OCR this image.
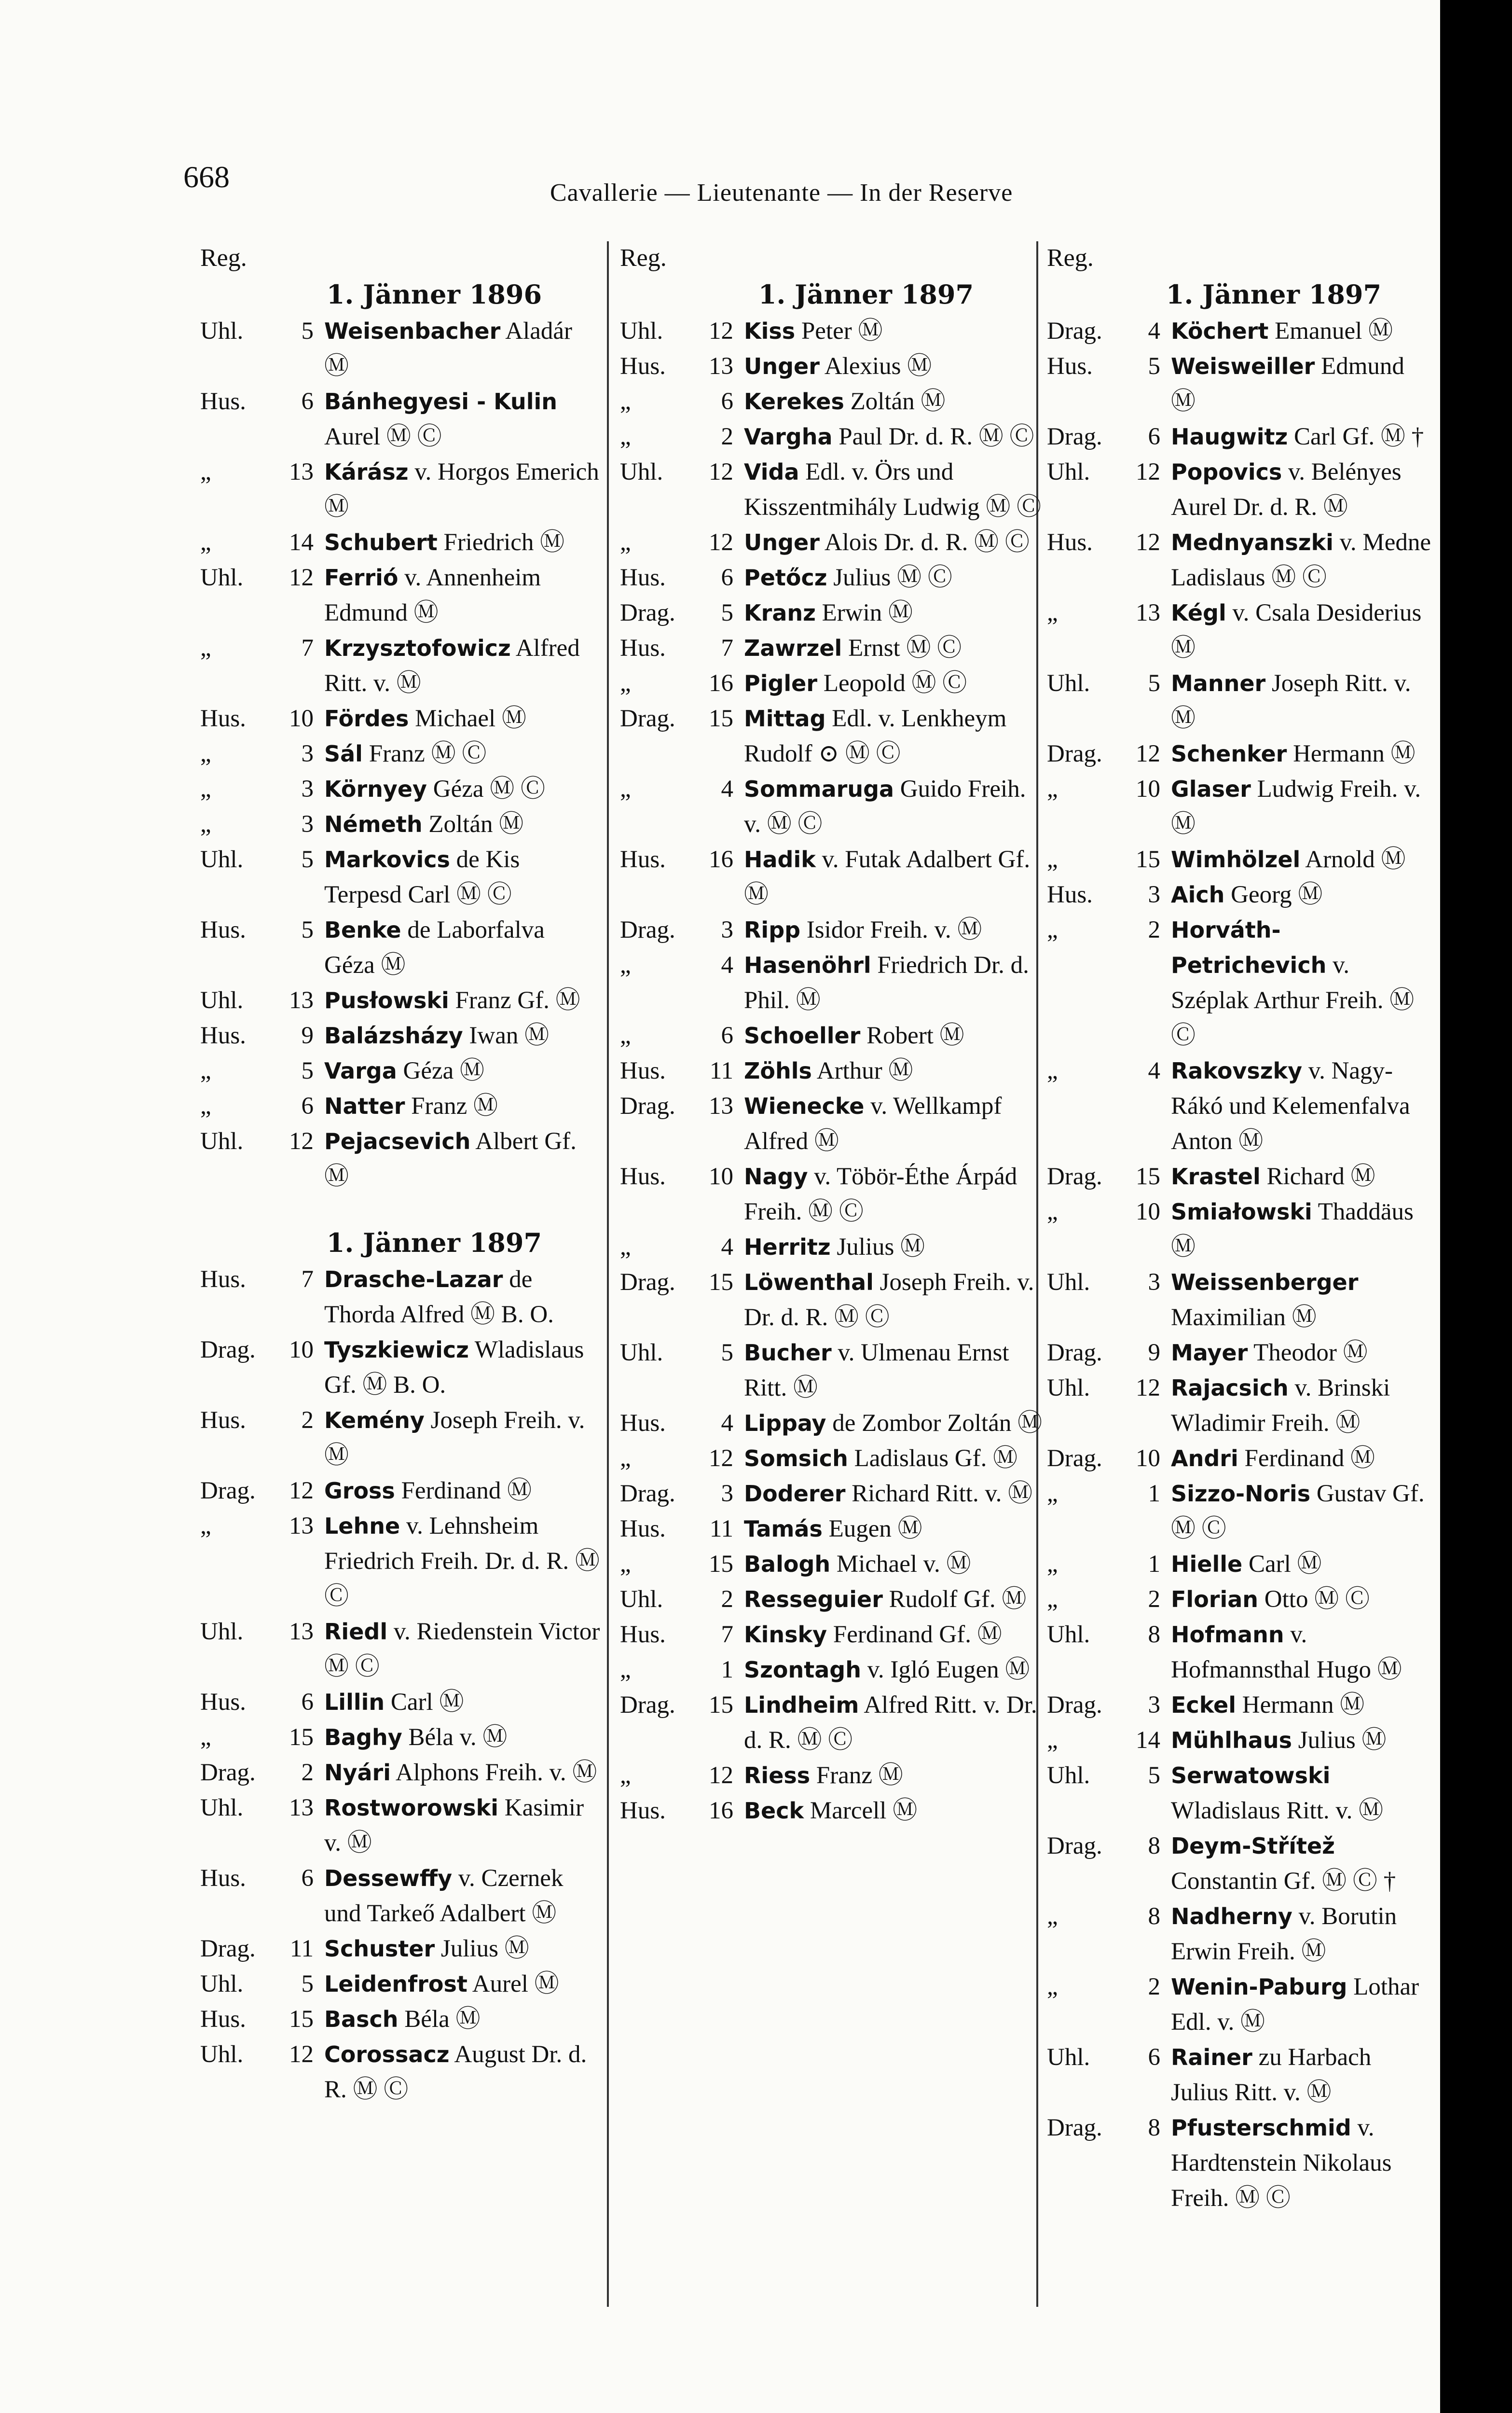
668	Cavallerie — Lieutenante — In der Reserve
Reg.
1. Jänner 1896
Uhl.	5 Weisenbacher Aladár Ⓜ
Hus.	6 Bánhegyesi - Kulin Aurel Ⓜ Ⓒ
„	13 Kárász v. Horgos Emerich Ⓜ
„	14 Schubert Friedrich Ⓜ
Uhl.	12 Ferrió v. Annenheim Edmund Ⓜ
„	7 Krzysztofowicz Alfred Ritt. v. Ⓜ
Hus.	10 Fördes Michael Ⓜ
„	3 Sál Franz Ⓜ Ⓒ
„	3 Környey Géza Ⓜ Ⓒ
„	3 Németh Zoltán Ⓜ
Uhl.	5 Markovics de Kis Terpesd Carl Ⓜ Ⓒ
Hus.	5 Benke de Laborfalva Géza Ⓜ
Uhl.	13 Pusłowski Franz Gf. Ⓜ
Hus.	9 Balázsházy Iwan Ⓜ
„	5 Varga Géza Ⓜ
„	6 Natter Franz Ⓜ
Uhl.	12 Pejacsevich Albert Gf. Ⓜ
1. Jänner 1897
Hus.	7 Drasche-Lazar de Thorda Alfred Ⓜ B. O.
Drag.	10 Tyszkiewicz Wladislaus Gf. Ⓜ B. O.
Hus.	2 Kemény Joseph Freih. v. Ⓜ
Drag.	12 Gross Ferdinand Ⓜ
„	13 Lehne v. Lehnsheim Friedrich Freih. Dr. d. R. Ⓜ Ⓒ
Uhl.	13 Riedl v. Riedenstein Victor Ⓜ Ⓒ
Hus.	6 Lillin Carl Ⓜ
„	15 Baghy Béla v. Ⓜ
Drag.	2 Nyári Alphons Freih. v. Ⓜ
Uhl.	13 Rostworowski Kasimir v. Ⓜ
Hus.	6 Dessewffy v. Czernek und Tarkeő Adalbert Ⓜ
Drag.	11 Schuster Julius Ⓜ
Uhl.	5 Leidenfrost Aurel Ⓜ
Hus.	15 Basch Béla Ⓜ
Uhl.	12 Corossacz August Dr. d. R. Ⓜ Ⓒ
Reg.
1. Jänner 1897
Uhl.	12 Kiss Peter Ⓜ
Hus.	13 Unger Alexius Ⓜ
„	6 Kerekes Zoltán Ⓜ
„	2 Vargha Paul Dr. d. R. Ⓜ Ⓒ
Uhl.	12 Vida Edl. v. Örs und Kisszentmihály Ludwig Ⓜ Ⓒ
„	12 Unger Alois Dr. d. R. Ⓜ Ⓒ
Hus.	6 Petőcz Julius Ⓜ Ⓒ
Drag.	5 Kranz Erwin Ⓜ
Hus.	7 Zawrzel Ernst Ⓜ Ⓒ
„	16 Pigler Leopold Ⓜ Ⓒ
Drag.	15 Mittag Edl. v. Lenkheym Rudolf ⊙ Ⓜ Ⓒ
„	4 Sommaruga Guido Freih. v. Ⓜ Ⓒ
Hus.	16 Hadik v. Futak Adalbert Gf. Ⓜ
Drag.	3 Ripp Isidor Freih. v. Ⓜ
„	4 Hasenöhrl Friedrich Dr. d. Phil. Ⓜ
„	6 Schoeller Robert Ⓜ
Hus.	11 Zöhls Arthur Ⓜ
Drag.	13 Wienecke v. Wellkampf Alfred Ⓜ
Hus.	10 Nagy v. Töbör-Éthe Árpád Freih. Ⓜ Ⓒ
„	4 Herritz Julius Ⓜ
Drag.	15 Löwenthal Joseph Freih. v. Dr. d. R. Ⓜ Ⓒ
Uhl.	5 Bucher v. Ulmenau Ernst Ritt. Ⓜ
Hus.	4 Lippay de Zombor Zoltán Ⓜ
„	12 Somsich Ladislaus Gf. Ⓜ
Drag.	3 Doderer Richard Ritt. v. Ⓜ
Hus.	11 Tamás Eugen Ⓜ
„	15 Balogh Michael v. Ⓜ
Uhl.	2 Resseguier Rudolf Gf. Ⓜ
Hus.	7 Kinsky Ferdinand Gf. Ⓜ
„	1 Szontagh v. Igló Eugen Ⓜ
Drag.	15 Lindheim Alfred Ritt. v. Dr. d. R. Ⓜ Ⓒ
„	12 Riess Franz Ⓜ
Hus.	16 Beck Marcell Ⓜ
Reg.
1. Jänner 1897
Drag.	4 Köchert Emanuel Ⓜ
Hus.	5 Weisweiller Edmund Ⓜ
Drag.	6 Haugwitz Carl Gf. Ⓜ †
Uhl.	12 Popovics v. Belényes Aurel Dr. d. R. Ⓜ
Hus.	12 Mednyanszki v. Medne Ladislaus Ⓜ Ⓒ
„	13 Kégl v. Csala Desiderius Ⓜ
Uhl.	5 Manner Joseph Ritt. v. Ⓜ
Drag.	12 Schenker Hermann Ⓜ
„	10 Glaser Ludwig Freih. v. Ⓜ
„	15 Wimhölzel Arnold Ⓜ
Hus.	3 Aich Georg Ⓜ
„	2 Horváth-Petrichevich v. Széplak Arthur Freih. Ⓜ Ⓒ
„	4 Rakovszky v. Nagy-Rákó und Kelemenfalva Anton Ⓜ
Drag.	15 Krastel Richard Ⓜ
„	10 Smiałowski Thaddäus Ⓜ
Uhl.	3 Weissenberger Maximilian Ⓜ
Drag.	9 Mayer Theodor Ⓜ
Uhl.	12 Rajacsich v. Brinski Wladimir Freih. Ⓜ
Drag.	10 Andri Ferdinand Ⓜ
„	1 Sizzo-Noris Gustav Gf. Ⓜ Ⓒ
„	1 Hielle Carl Ⓜ
„	2 Florian Otto Ⓜ Ⓒ
Uhl.	8 Hofmann v. Hofmannsthal Hugo Ⓜ
Drag.	3 Eckel Hermann Ⓜ
„	14 Mühlhaus Julius Ⓜ
Uhl.	5 Serwatowski Wladislaus Ritt. v. Ⓜ
Drag.	8 Deym-Střítež Constantin Gf. Ⓜ Ⓒ †
„	8 Nadherny v. Borutin Erwin Freih. Ⓜ
„	2 Wenin-Paburg Lothar Edl. v. Ⓜ
Uhl.	6 Rainer zu Harbach Julius Ritt. v. Ⓜ
Drag.	8 Pfusterschmid v. Hardtenstein Nikolaus Freih. Ⓜ Ⓒ
